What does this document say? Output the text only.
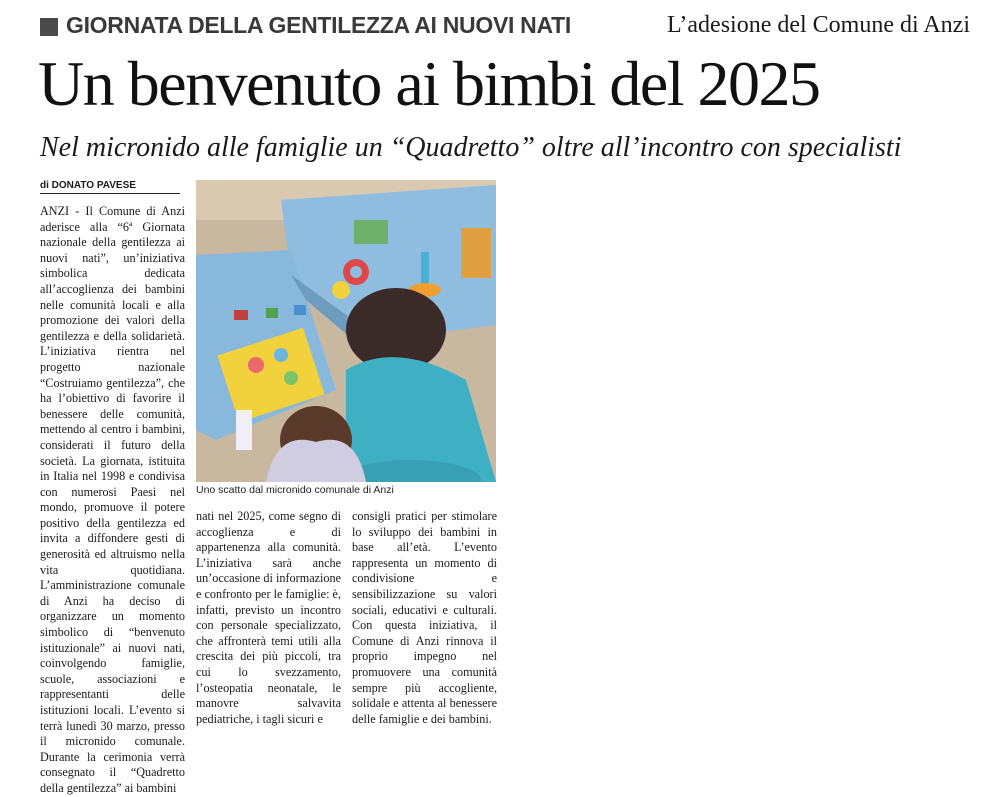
GIORNATA DELLA GENTILEZZA AI NUOVI NATI	L’adesione del Comune di Anzi
Un benvenuto ai bimbi del 2025
Nel micronido alle famiglie un “Quadretto” oltre all’incontro con specialisti
di DONATO PAVESE
ANZI - Il Comune di Anzi aderisce alla “6ª Giornata nazionale della gentilezza ai nuovi nati”, un’iniziativa simbolica dedicata all’accoglienza dei bambini nelle comunità locali e alla promozione dei valori della gentilezza e della solidarietà. L’iniziativa rientra nel progetto nazionale “Costruiamo gentilezza”, che ha l’obiettivo di favorire il benessere delle comunità, mettendo al centro i bambini, considerati il futuro della società. La giornata, istituita in Italia nel 1998 e condivisa con numerosi Paesi nel mondo, promuove il potere positivo della gentilezza ed invita a diffondere gesti di generosità ed altruismo nella vita quotidiana. L’amministrazione comunale di Anzi ha deciso di organizzare un momento simbolico di “benvenuto istituzionale” ai nuovi nati, coinvolgendo famiglie, scuole, associazioni e rappresentanti delle istituzioni locali. L’evento si terrà lunedì 30 marzo, presso il micronido comunale. Durante la cerimonia verrà consegnato il “Quadretto della gentilezza” ai bambini
Uno scatto dal micronido comunale di Anzi
nati nel 2025, come segno di accoglienza e di appartenenza alla comunità. L’iniziativa sarà anche un’occasione di informazione e confronto per le famiglie: è, infatti, previsto un incontro con personale specializzato, che affronterà temi utili alla crescita dei più piccoli, tra cui lo svezzamento, l’osteopatia neonatale, le manovre salvavita pediatriche, i tagli sicuri e
consigli pratici per stimolare lo sviluppo dei bambini in base all’età. L’evento rappresenta un momento di condivisione e sensibilizzazione su valori sociali, educativi e culturali. Con questa iniziativa, il Comune di Anzi rinnova il proprio impegno nel promuovere una comunità sempre più accogliente, solidale e attenta al benessere delle famiglie e dei bambini.
